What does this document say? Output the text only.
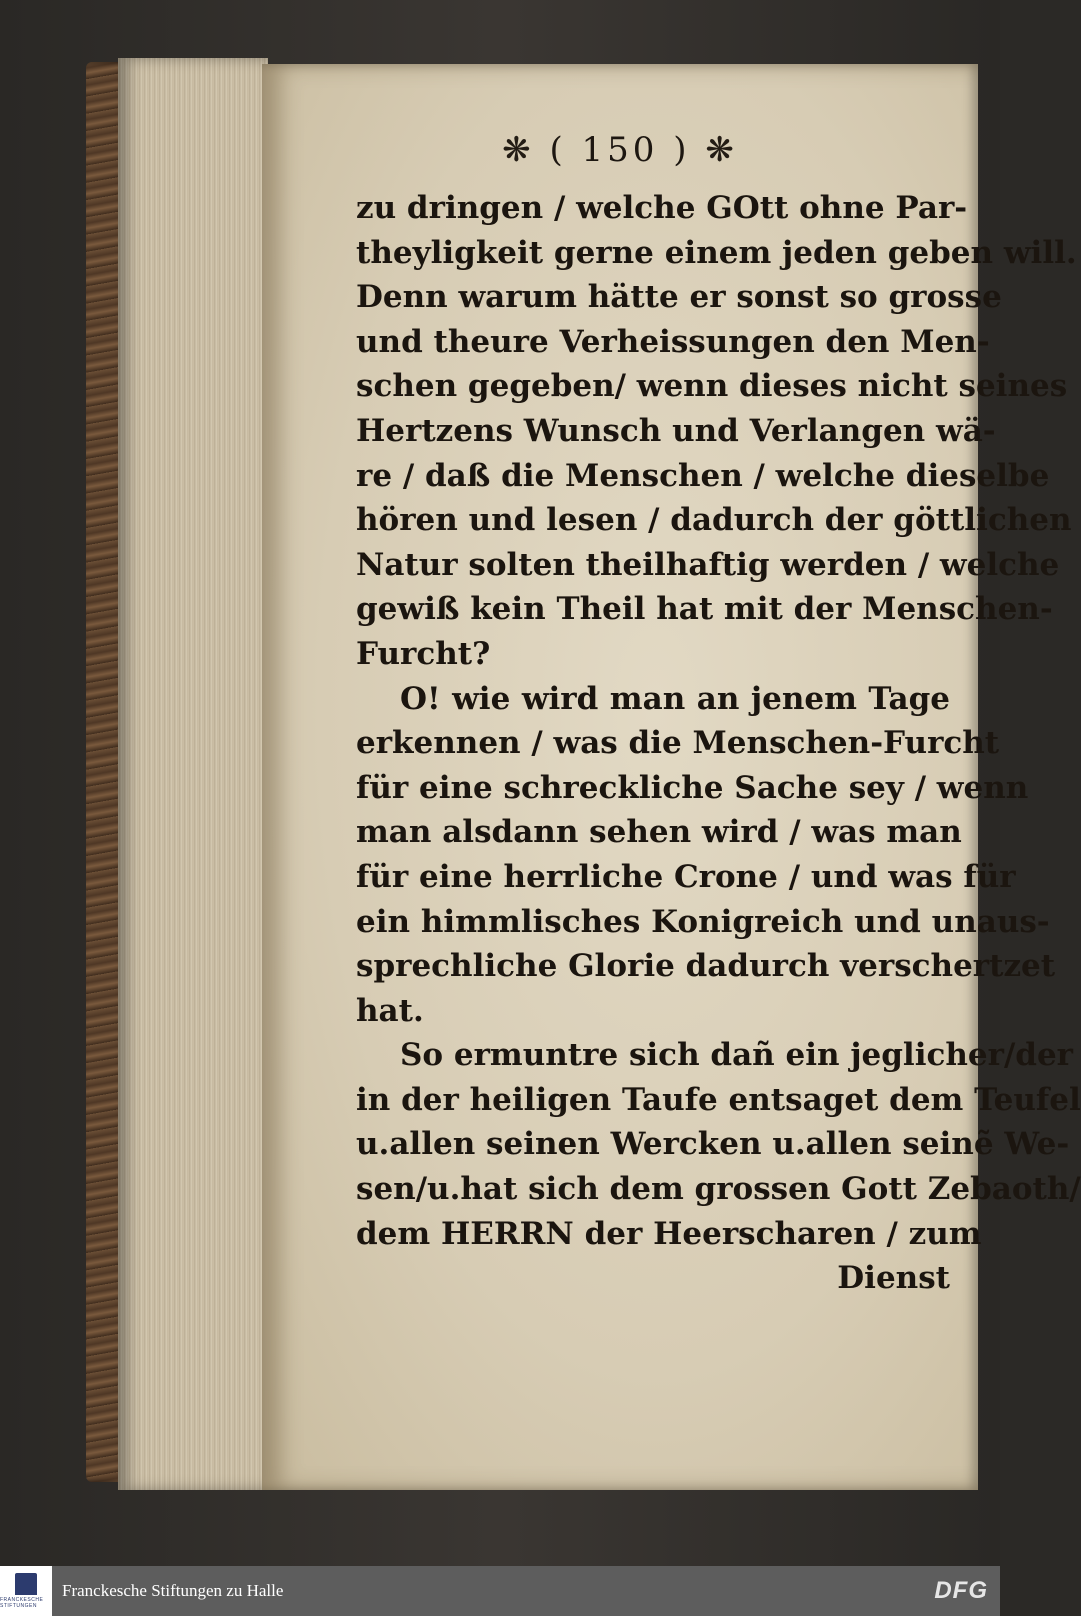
❋ ( 150 ) ❋
zu dringen / welche GOtt ohne Par-
theyligkeit gerne einem jeden geben will.
Denn warum hätte er sonst so grosse
und theure Verheissungen den Men-
schen gegeben/ wenn dieses nicht seines
Hertzens Wunsch und Verlangen wä-
re / daß die Menschen / welche dieselbe
hören und lesen / dadurch der göttlichen
Natur solten theilhaftig werden / welche
gewiß kein Theil hat mit der Menschen-
Furcht?
O! wie wird man an jenem Tage
erkennen / was die Menschen-Furcht
für eine schreckliche Sache sey / wenn
man alsdann sehen wird / was man
für eine herrliche Crone / und was für
ein himmlisches Konigreich und unaus-
sprechliche Glorie dadurch verschertzet
hat.
So ermuntre sich dañ ein jeglicher/der
in der heiligen Taufe entsaget dem Teufel
u.allen seinen Wercken u.allen seinẽ We-
sen/u.hat sich dem grossen Gott Zebaoth/
dem HERRN der Heerscharen / zum
Dienst
FRANCKESCHE STIFTUNGEN
Franckesche Stiftungen zu Halle	DFG
